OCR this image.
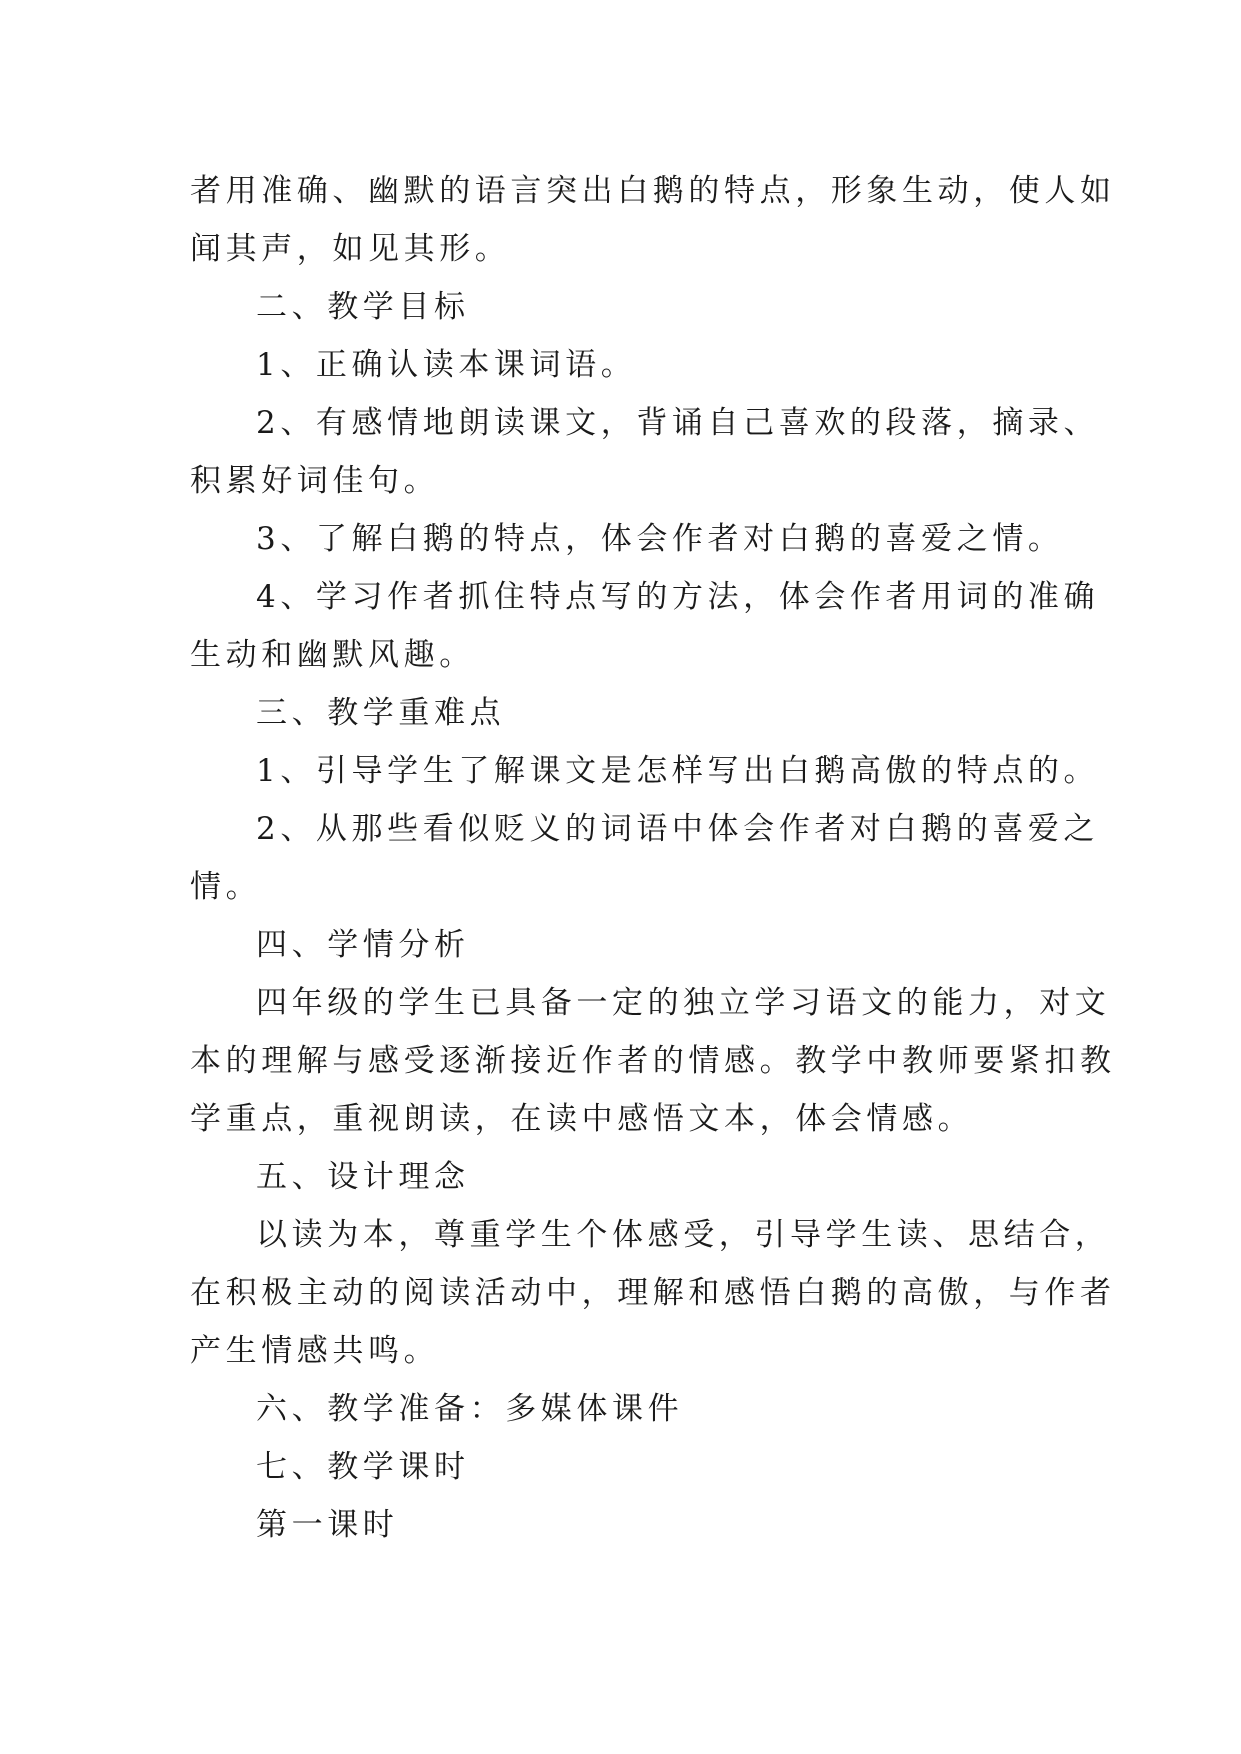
者用准确、幽默的语言突出白鹅的特点，形象生动，使人如
闻其声，如见其形。
二、教学目标
1、正确认读本课词语。
2、有感情地朗读课文，背诵自己喜欢的段落，摘录、
积累好词佳句。
3、了解白鹅的特点，体会作者对白鹅的喜爱之情。
4、学习作者抓住特点写的方法，体会作者用词的准确
生动和幽默风趣。
三、教学重难点
1、引导学生了解课文是怎样写出白鹅高傲的特点的。
2、从那些看似贬义的词语中体会作者对白鹅的喜爱之
情。
四、学情分析
四年级的学生已具备一定的独立学习语文的能力，对文
本的理解与感受逐渐接近作者的情感。教学中教师要紧扣教
学重点，重视朗读，在读中感悟文本，体会情感。
五、设计理念
以读为本，尊重学生个体感受，引导学生读、思结合，
在积极主动的阅读活动中，理解和感悟白鹅的高傲，与作者
产生情感共鸣。
六、教学准备：多媒体课件
七、教学课时
第一课时
